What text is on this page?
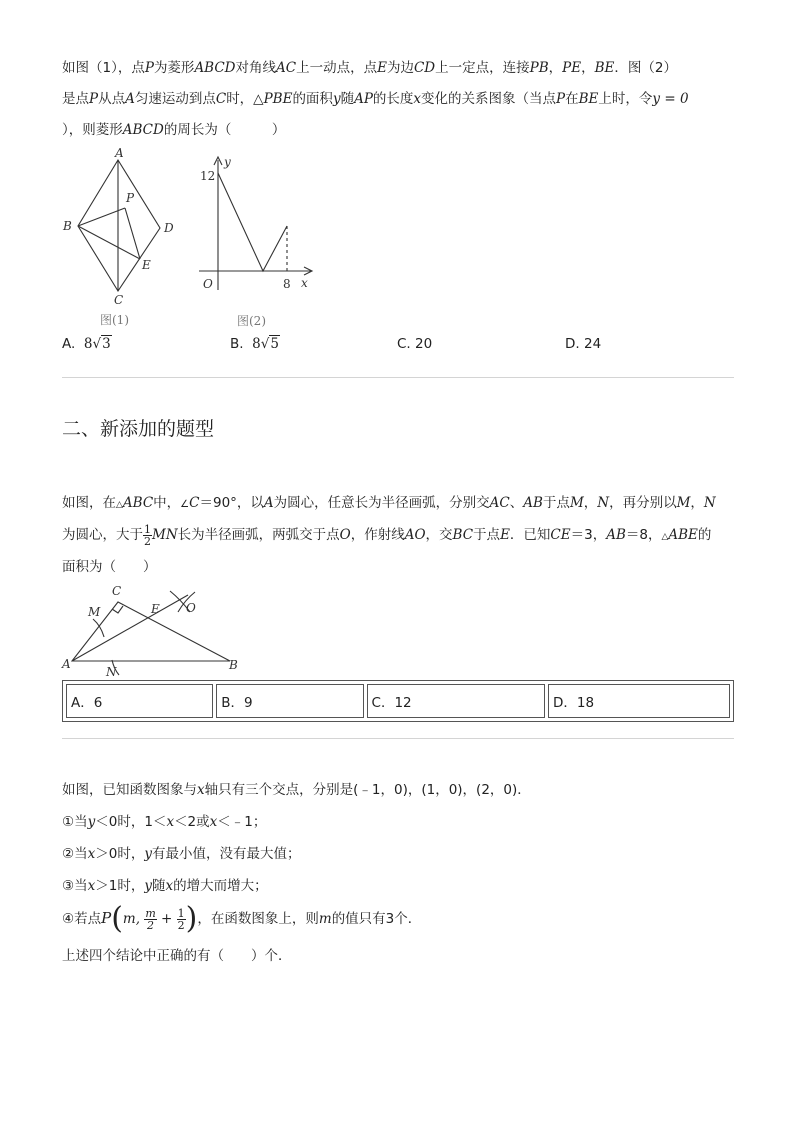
如图（1），点P为菱形ABCD对角线AC上一动点，点E为边CD上一定点，连接PB，PE，BE．图（2）
是点P从点A匀速运动到点C时，△PBE的面积y随AP的长度x变化的关系图象（当点P在BE上时，令y = 0
），则菱形ABCD的周长为（　　　）
A
B
C
D
P
E
图(1)
y
x
O
12
8
图(2)
A. 8√3	B. 8√5	C. 20	D. 24
二、新添加的题型
如图，在△ABC中，∠C＝90°，以A为圆心，任意长为半径画弧，分别交AC、AB于点M，N，再分别以M，N
为圆心，大于 $\frac{1}{2}$ MN长为半径画弧，两弧交于点O，作射线AO，交BC于点E．已知CE＝3，AB＝8，△ABE的
面积为（　　）
C
M	E O
A
N	B
A．6	B．9	C．12	D．18
如图，已知函数图象与x轴只有三个交点，分别是(﹣1，0)，(1，0)，(2，0)．
①当y＜0时，1＜x＜2或x＜﹣1；
②当x＞0时，y有最小值，没有最大值；
③当x＞1时，y随x的增大而增大；
④若点P(m, $\frac{m}{2} + \frac{1}{2}$ )，在函数图象上，则m的值只有3个．
上述四个结论中正确的有（　　）个．
